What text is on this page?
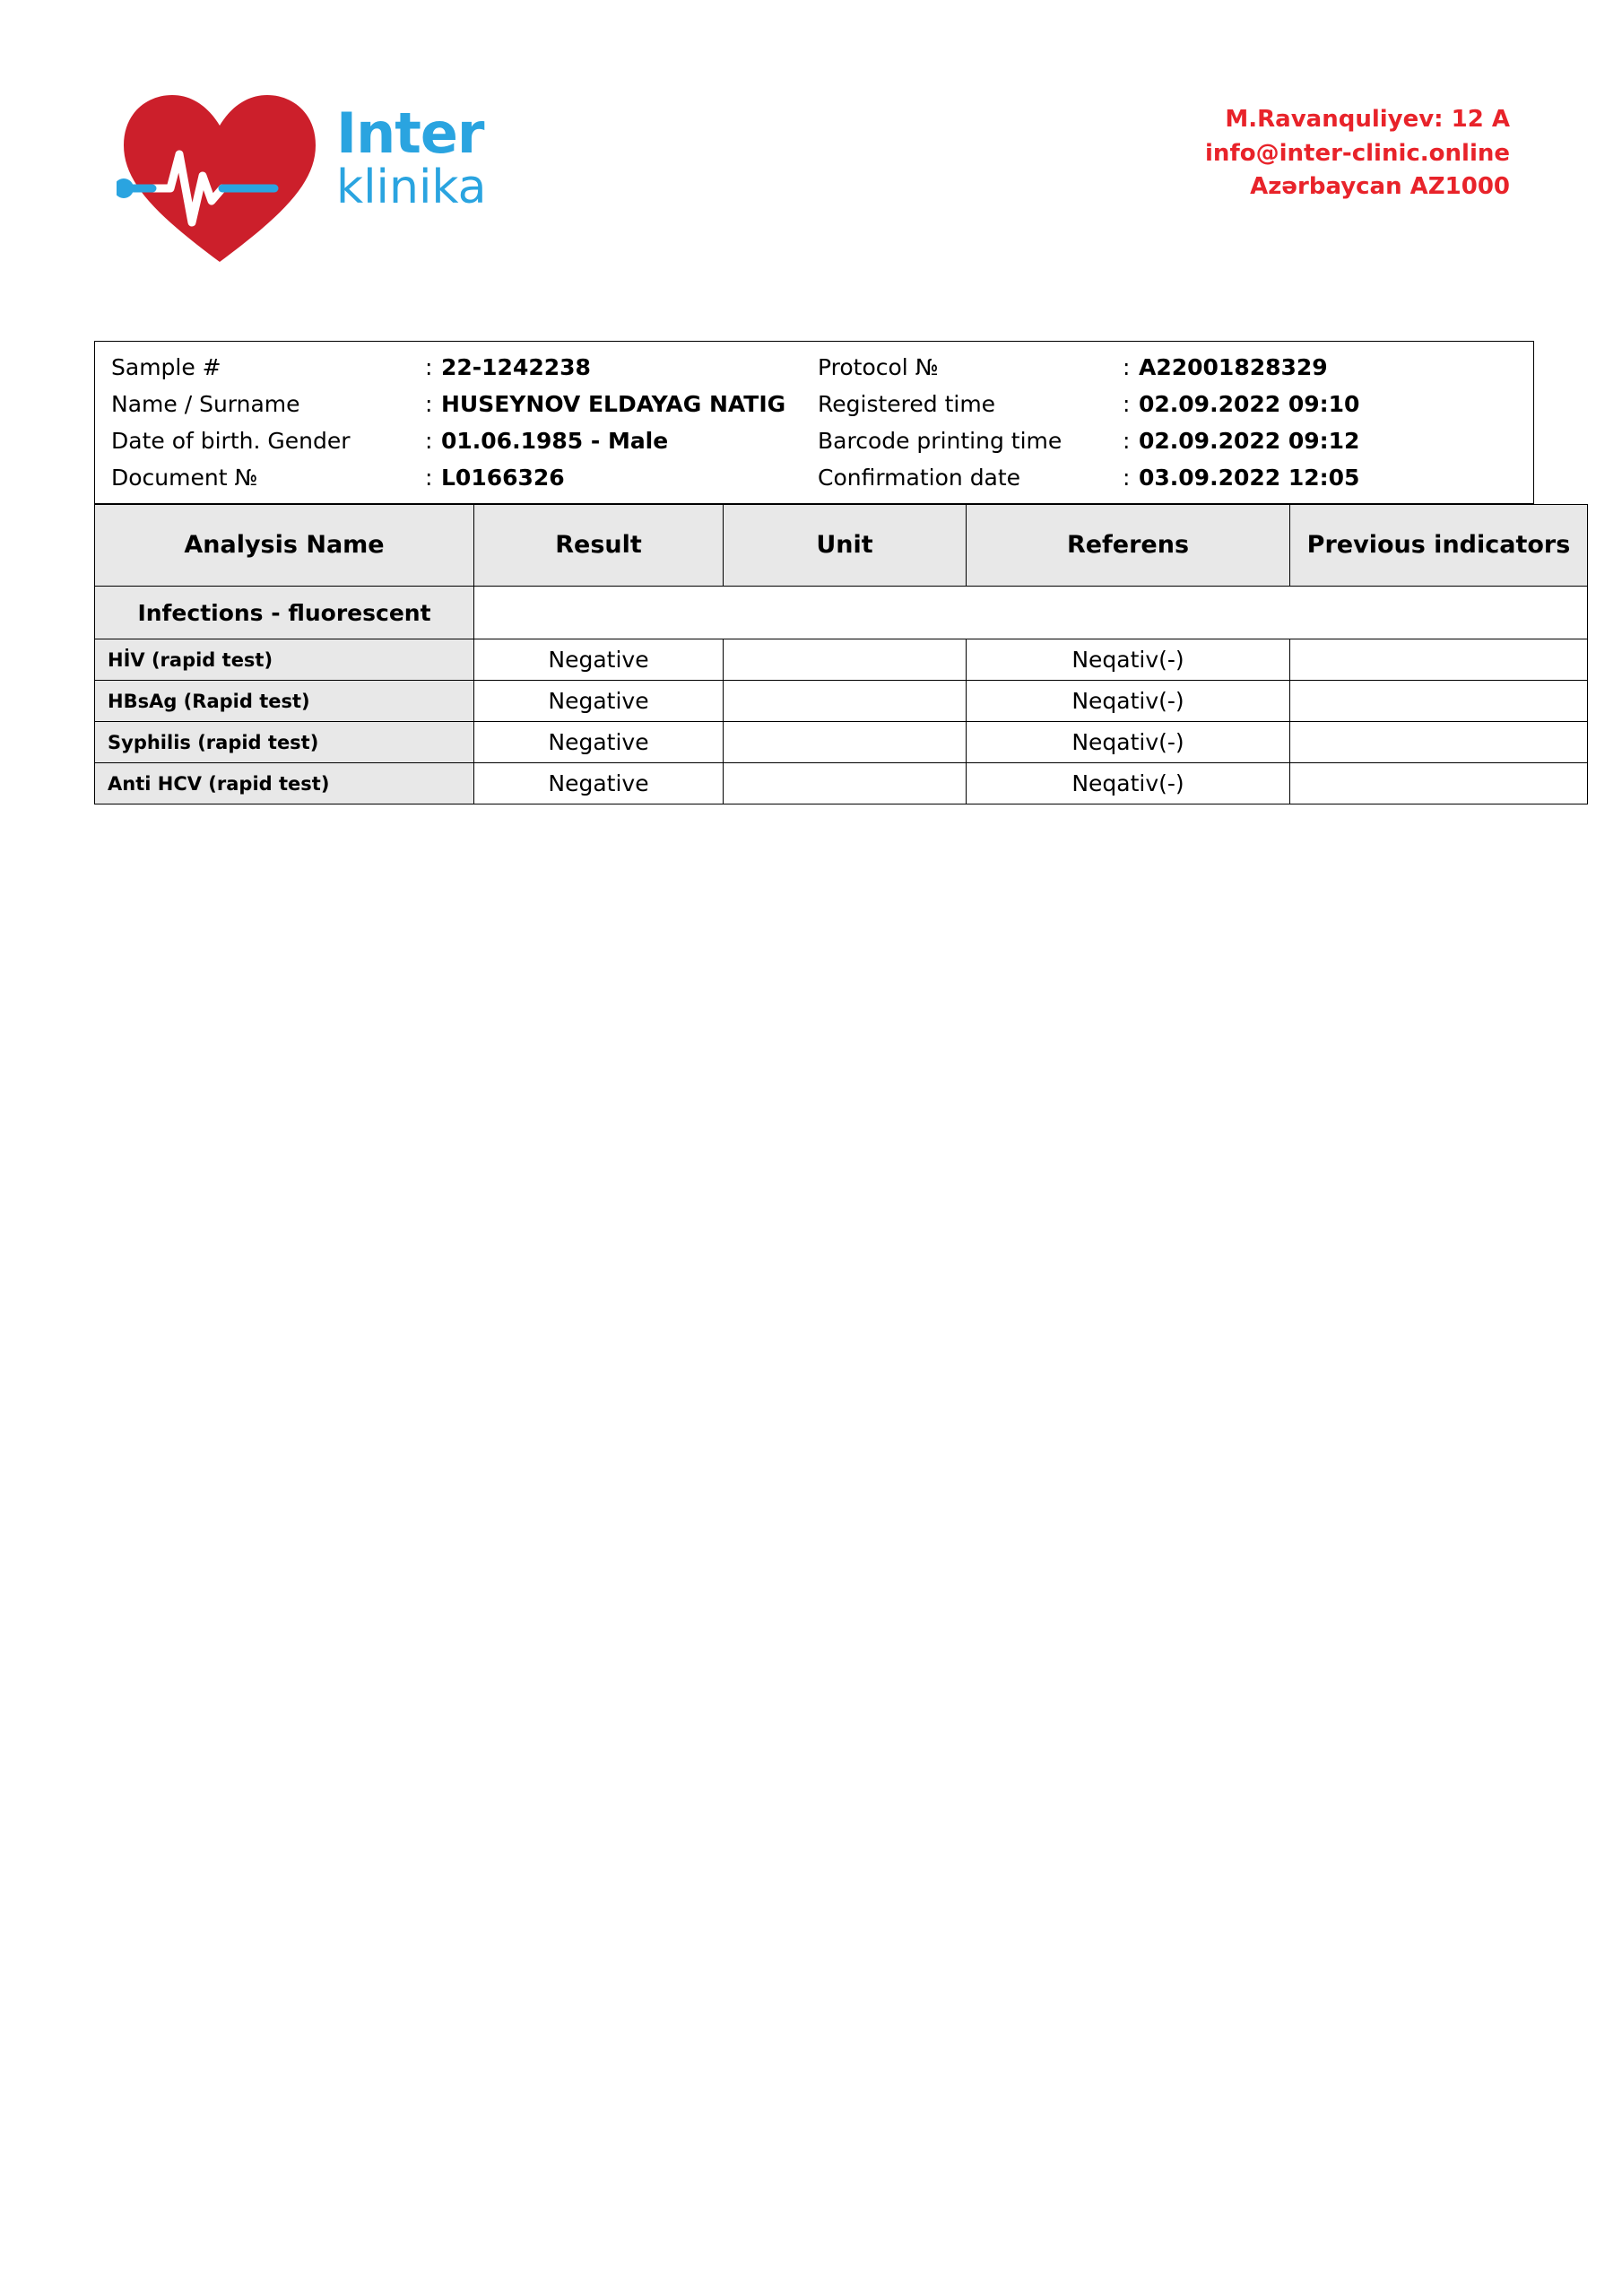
Inter
klinika
M.Ravanquliyev: 12 A
info@inter-clinic.online
Azərbaycan AZ1000
Sample #	:	22-1242238	Protocol №	:	A22001828329
Name / Surname	:	HUSEYNOV ELDAYAG NATIG	Registered time	:	02.09.2022 09:10
Date of birth. Gender	:	01.06.1985 - Male	Barcode printing time	:	02.09.2022 09:12
Document №	:	L0166326	Confirmation date	:	03.09.2022 12:05
Analysis Name	Result	Unit	Referens	Previous indicators
Infections - fluorescent				
HİV (rapid test)	Negative		Neqativ(-)	
HBsAg (Rapid test)	Negative		Neqativ(-)	
Syphilis (rapid test)	Negative		Neqativ(-)	
Anti HCV (rapid test)	Negative		Neqativ(-)	
